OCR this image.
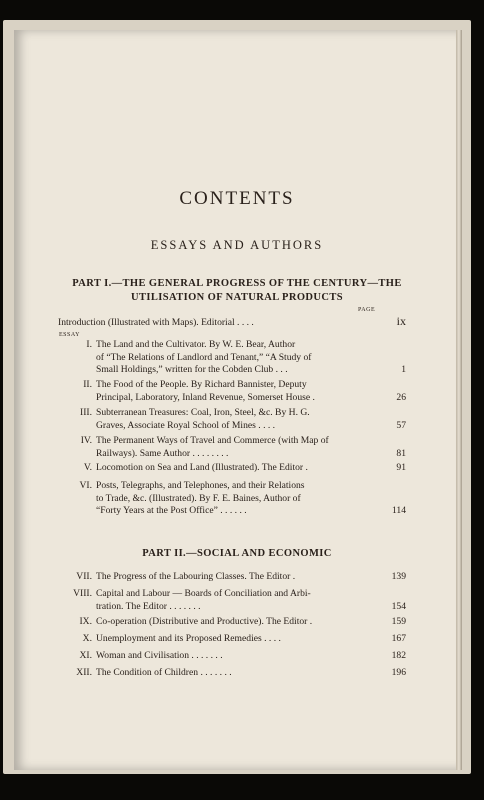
CONTENTS
ESSAYS AND AUTHORS
PART I.—THE GENERAL PROGRESS OF THE CENTURY—THE
UTILISATION OF NATURAL PRODUCTS
PAGE
ESSAY
PART II.—SOCIAL AND ECONOMIC
Introduction (Illustrated with Maps). Editorial . . . .	ix
I. The Land and the Cultivator. By W. E. Bear, Author
of “The Relations of Landlord and Tenant,” “A Study of
Small Holdings,” written for the Cobden Club . . .	1
II. The Food of the People. By Richard Bannister, Deputy
Principal, Laboratory, Inland Revenue, Somerset House .	26
III. Subterranean Treasures: Coal, Iron, Steel, &c. By H. G.
Graves, Associate Royal School of Mines . . . .	57
IV. The Permanent Ways of Travel and Commerce (with Map of
Railways). Same Author . . . . . . . .	81
V. Locomotion on Sea and Land (Illustrated). The Editor .	91
VI. Posts, Telegraphs, and Telephones, and their Relations
to Trade, &c. (Illustrated). By F. E. Baines, Author of
“Forty Years at the Post Office” . . . . . .	114
VII. The Progress of the Labouring Classes. The Editor .	139
VIII. Capital and Labour — Boards of Conciliation and Arbi-
tration. The Editor . . . . . . .	154
IX. Co-operation (Distributive and Productive). The Editor .	159
X. Unemployment and its Proposed Remedies . . . .	167
XI. Woman and Civilisation . . . . . . .	182
XII. The Condition of Children . . . . . . .	196
